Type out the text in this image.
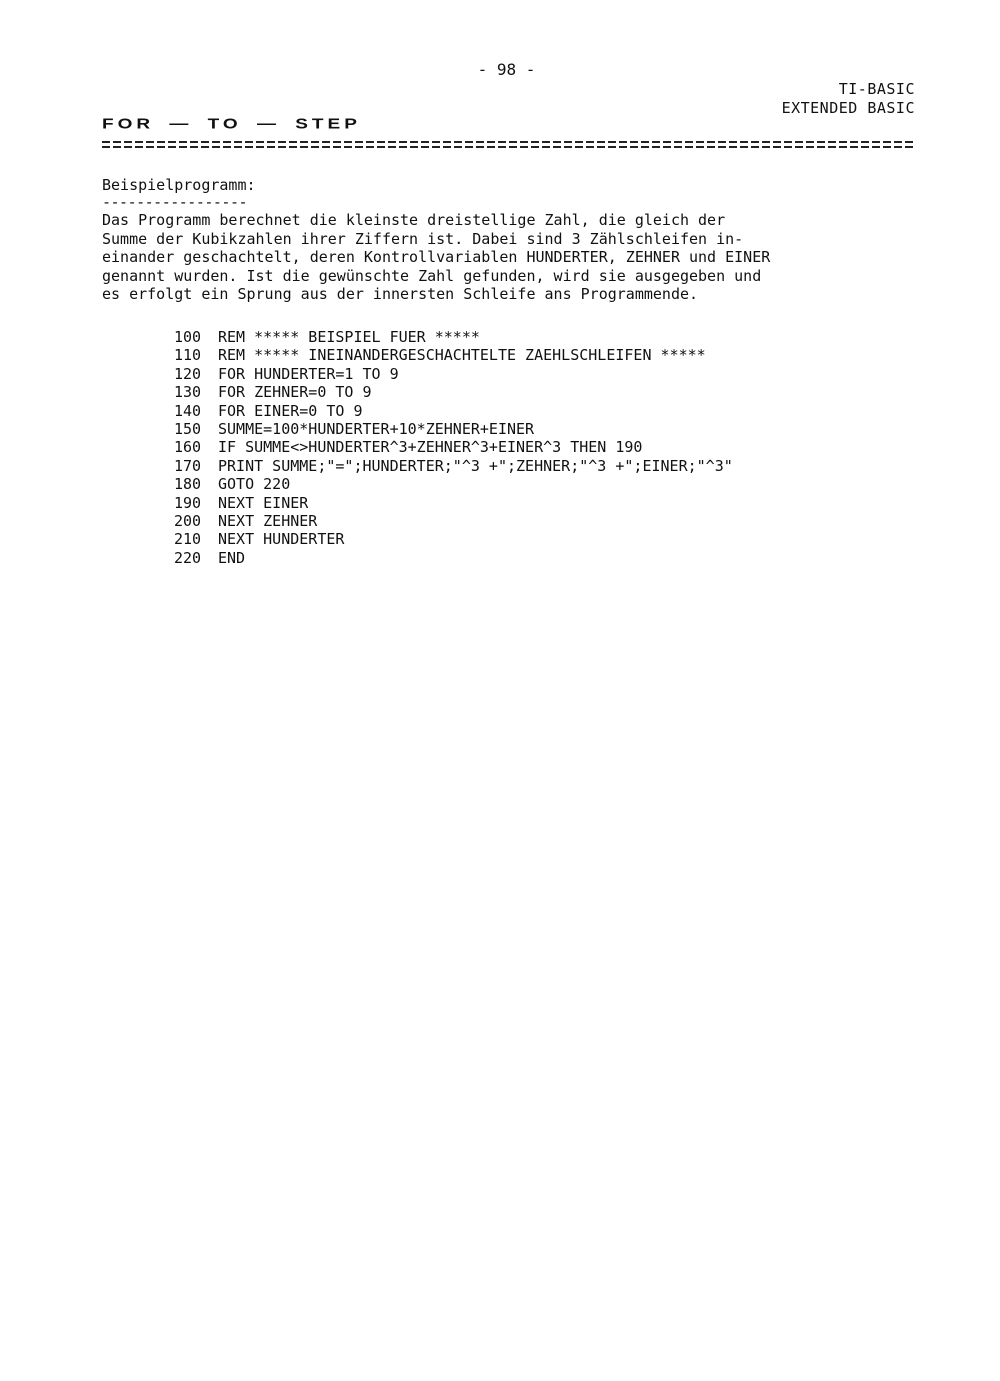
- 98 -
TI-BASIC
EXTENDED BASIC
FOR — TO — STEP
Beispielprogramm:
-----------------
Das Programm berechnet die kleinste dreistellige Zahl, die gleich der
Summe der Kubikzahlen ihrer Ziffern ist. Dabei sind 3 Zählschleifen in-
einander geschachtelt, deren Kontrollvariablen HUNDERTER, ZEHNER und EINER
genannt wurden. Ist die gewünschte Zahl gefunden, wird sie ausgegeben und
es erfolgt ein Sprung aus der innersten Schleife ans Programmende.
100 REM ***** BEISPIEL FUER *****
110 REM ***** INEINANDERGESCHACHTELTE ZAEHLSCHLEIFEN *****
120 FOR HUNDERTER=1 TO 9
130 FOR ZEHNER=0 TO 9
140 FOR EINER=0 TO 9
150 SUMME=100*HUNDERTER+10*ZEHNER+EINER
160 IF SUMME<>HUNDERTER^3+ZEHNER^3+EINER^3 THEN 190
170 PRINT SUMME;"=";HUNDERTER;"^3 +";ZEHNER;"^3 +";EINER;"^3"
180 GOTO 220
190 NEXT EINER
200 NEXT ZEHNER
210 NEXT HUNDERTER
220 END
